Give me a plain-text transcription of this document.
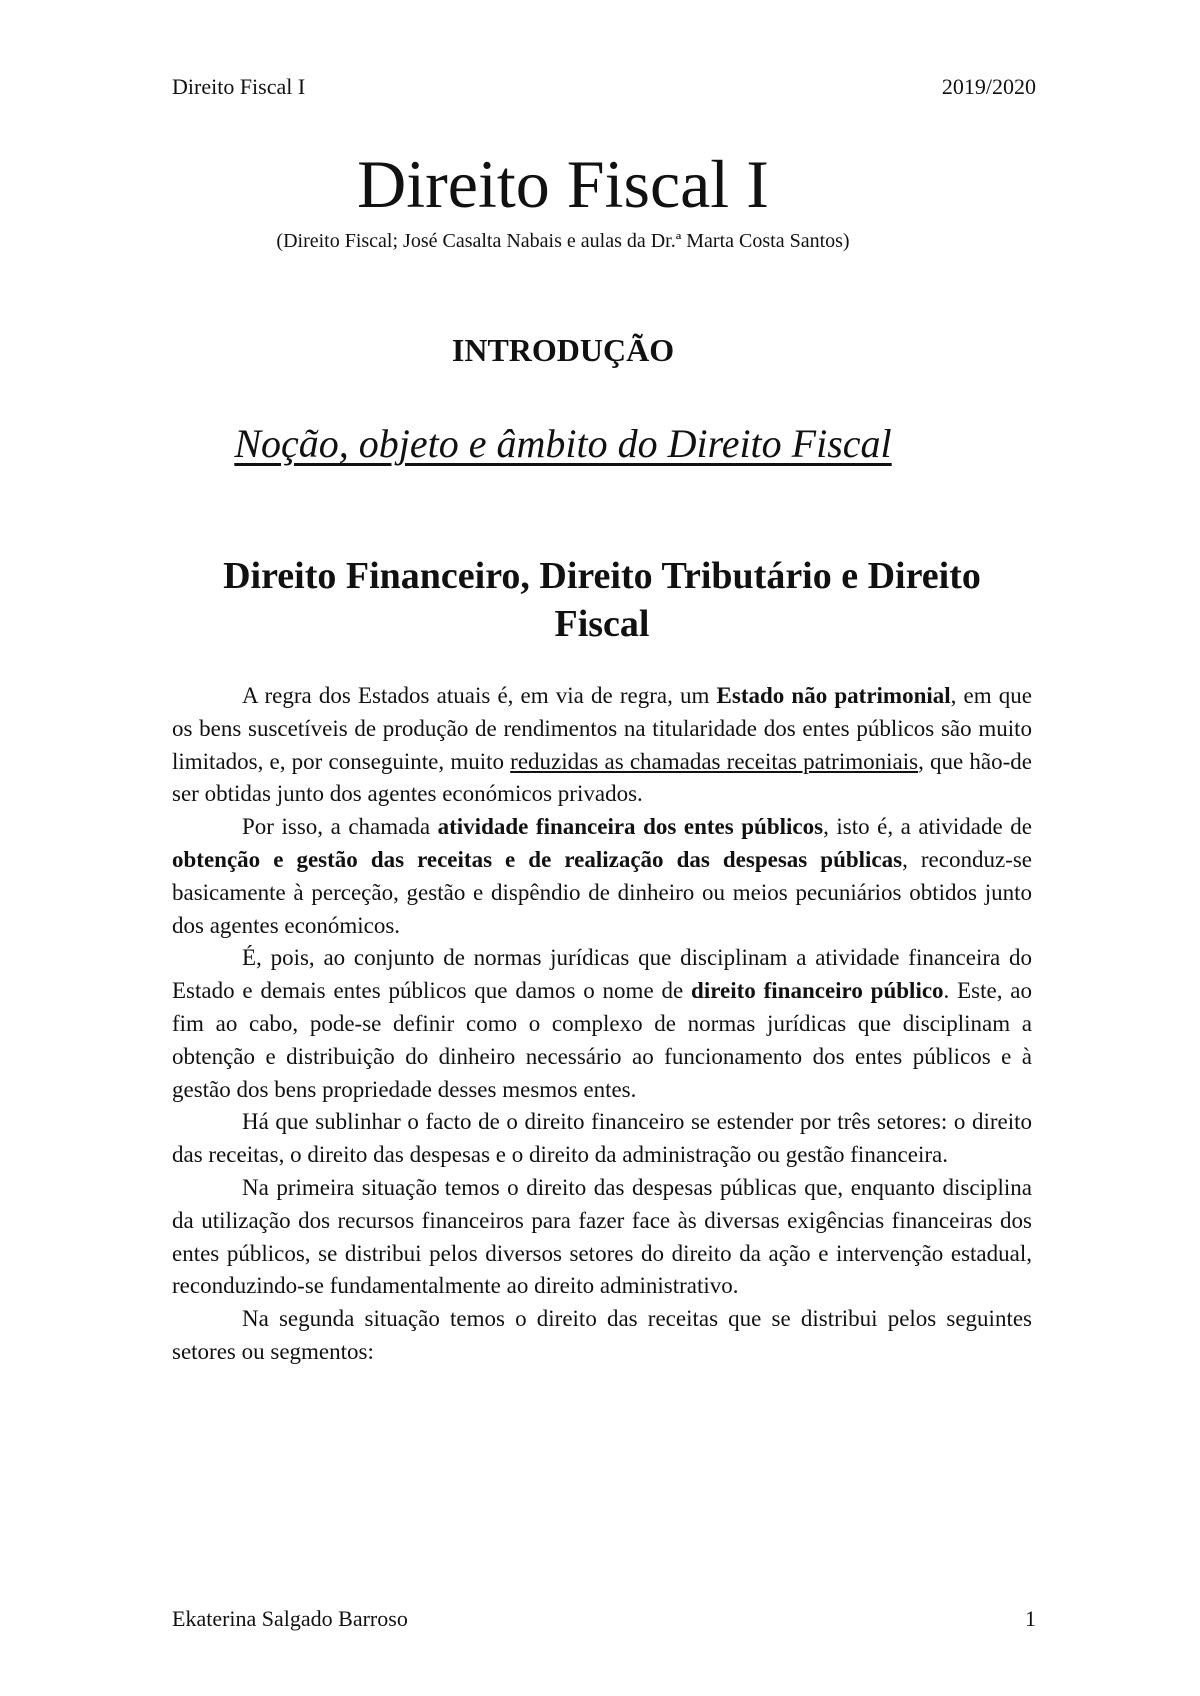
Direito Fiscal I	2019/2020
Direito Fiscal I
(Direito Fiscal; José Casalta Nabais e aulas da Dr.ª Marta Costa Santos)
INTRODUÇÃO
Noção, objeto e âmbito do Direito Fiscal
Direito Financeiro, Direito Tributário e Direito Fiscal

A regra dos Estados atuais é, em via de regra, um Estado não patrimonial, em que os bens suscetíveis de produção de rendimentos na titularidade dos entes públicos são muito limitados, e, por conseguinte, muito reduzidas as chamadas receitas patrimoniais, que hão-de ser obtidas junto dos agentes económicos privados.

Por isso, a chamada atividade financeira dos entes públicos, isto é, a atividade de obtenção e gestão das receitas e de realização das despesas públicas, reconduz-se basicamente à perceção, gestão e dispêndio de dinheiro ou meios pecuniários obtidos junto dos agentes económicos.

É, pois, ao conjunto de normas jurídicas que disciplinam a atividade financeira do Estado e demais entes públicos que damos o nome de direito financeiro público. Este, ao fim ao cabo, pode-se definir como o complexo de normas jurídicas que disciplinam a obtenção e distribuição do dinheiro necessário ao funcionamento dos entes públicos e à gestão dos bens propriedade desses mesmos entes.

Há que sublinhar o facto de o direito financeiro se estender por três setores: o direito das receitas, o direito das despesas e o direito da administração ou gestão financeira.

Na primeira situação temos o direito das despesas públicas que, enquanto disciplina da utilização dos recursos financeiros para fazer face às diversas exigências financeiras dos entes públicos, se distribui pelos diversos setores do direito da ação e intervenção estadual, reconduzindo-se fundamentalmente ao direito administrativo.

Na segunda situação temos o direito das receitas que se distribui pelos seguintes setores ou segmentos:

Ekaterina Salgado Barroso	1
